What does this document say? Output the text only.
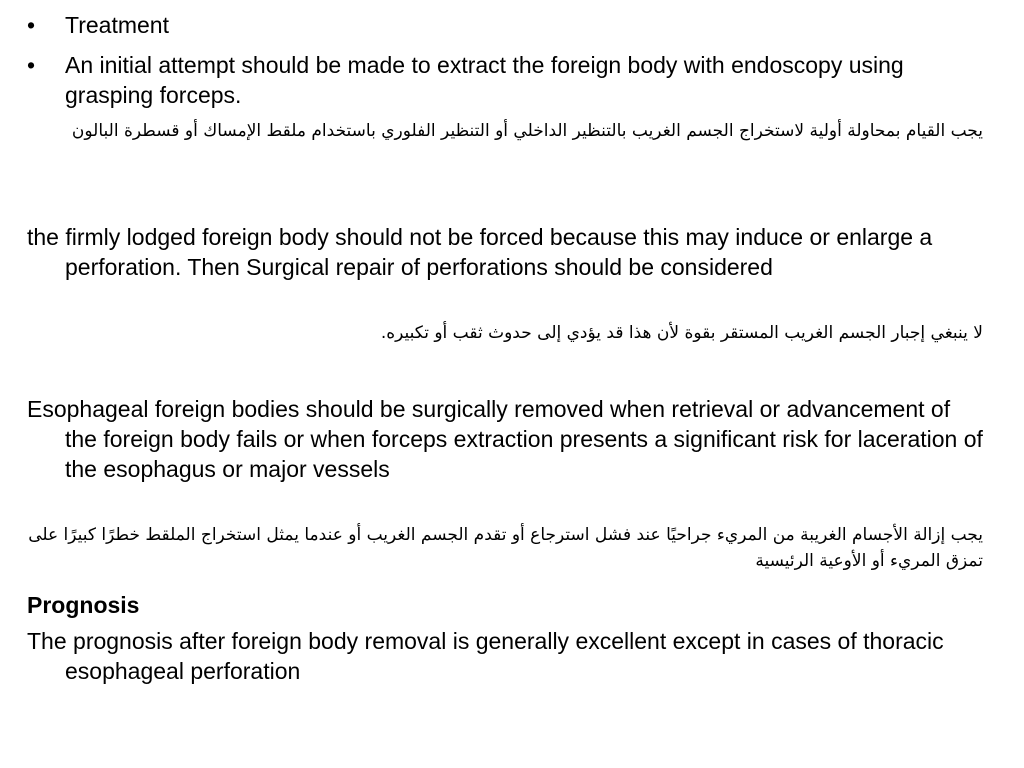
• Treatment
• An initial attempt should be made to extract the foreign body with endoscopy using grasping forceps.
يجب القيام بمحاولة أولية لاستخراج الجسم الغريب بالتنظير الداخلي أو التنظير الفلوري باستخدام ملقط الإمساك أو قسطرة البالون
the firmly lodged foreign body should not be forced because this may induce or enlarge a perforation. Then Surgical repair of perforations should be considered
لا ينبغي إجبار الجسم الغريب المستقر بقوة لأن هذا قد يؤدي إلى حدوث ثقب أو تكبيره.
Esophageal foreign bodies should be surgically removed when retrieval or advancement of the foreign body fails or when forceps extraction presents a significant risk for laceration of the esophagus or major vessels
يجب إزالة الأجسام الغريبة من المريء جراحيًا عند فشل استرجاع أو تقدم الجسم الغريب أو عندما يمثل استخراج الملقط خطرًا كبيرًا على تمزق المريء أو الأوعية الرئيسية
Prognosis
The prognosis after foreign body removal is generally excellent except in cases of thoracic esophageal perforation
